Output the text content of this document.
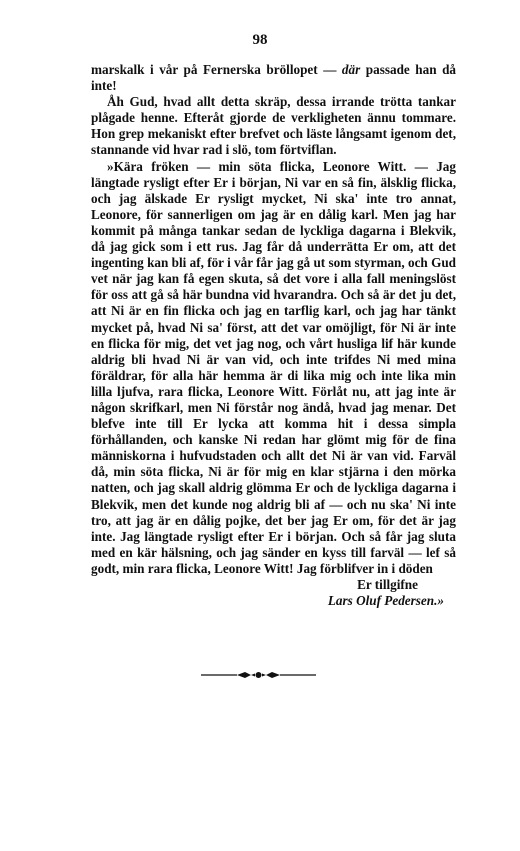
98

marskalk i vår på Fernerska bröllopet — där passade han då inte!

Åh Gud, hvad allt detta skräp, dessa irrande trötta tankar plågade henne. Efteråt gjorde de verkligheten ännu tommare. Hon grep mekaniskt efter brefvet och läste långsamt igenom det, stannande vid hvar rad i slö, tom förtviflan.

»Kära fröken — min söta flicka, Leonore Witt. — Jag längtade rysligt efter Er i början, Ni var en så fin, älsklig flicka, och jag älskade Er rysligt mycket, Ni ska' inte tro annat, Leonore, för sannerligen om jag är en dålig karl. Men jag har kommit på många tankar sedan de lyckliga dagarna i Blekvik, då jag gick som i ett rus. Jag får då underrätta Er om, att det ingenting kan bli af, för i vår får jag gå ut som styrman, och Gud vet när jag kan få egen skuta, så det vore i alla fall meningslöst för oss att gå så här bundna vid hvarandra. Och så är det ju det, att Ni är en fin flicka och jag en tarflig karl, och jag har tänkt mycket på, hvad Ni sa' först, att det var omöjligt, för Ni är inte en flicka för mig, det vet jag nog, och vårt husliga lif här kunde aldrig bli hvad Ni är van vid, och inte trifdes Ni med mina föräldrar, för alla här hemma är di lika mig och inte lika min lilla ljufva, rara flicka, Leonore Witt. Förlåt nu, att jag inte är någon skrifkarl, men Ni förstår nog ändå, hvad jag menar. Det blefve inte till Er lycka att komma hit i dessa simpla förhållanden, och kanske Ni redan har glömt mig för de fina människorna i hufvudstaden och allt det Ni är van vid. Farväl då, min söta flicka, Ni är för mig en klar stjärna i den mörka natten, och jag skall aldrig glömma Er och de lyckliga dagarna i Blekvik, men det kunde nog aldrig bli af — och nu ska' Ni inte tro, att jag är en dålig pojke, det ber jag Er om, för det är jag inte. Jag längtade rysligt efter Er i början. Och så får jag sluta med en kär hälsning, och jag sänder en kyss till farväl — lef så godt, min rara flicka, Leonore Witt! Jag förblifver in i döden

Er tillgifne

Lars Oluf Pedersen.»
